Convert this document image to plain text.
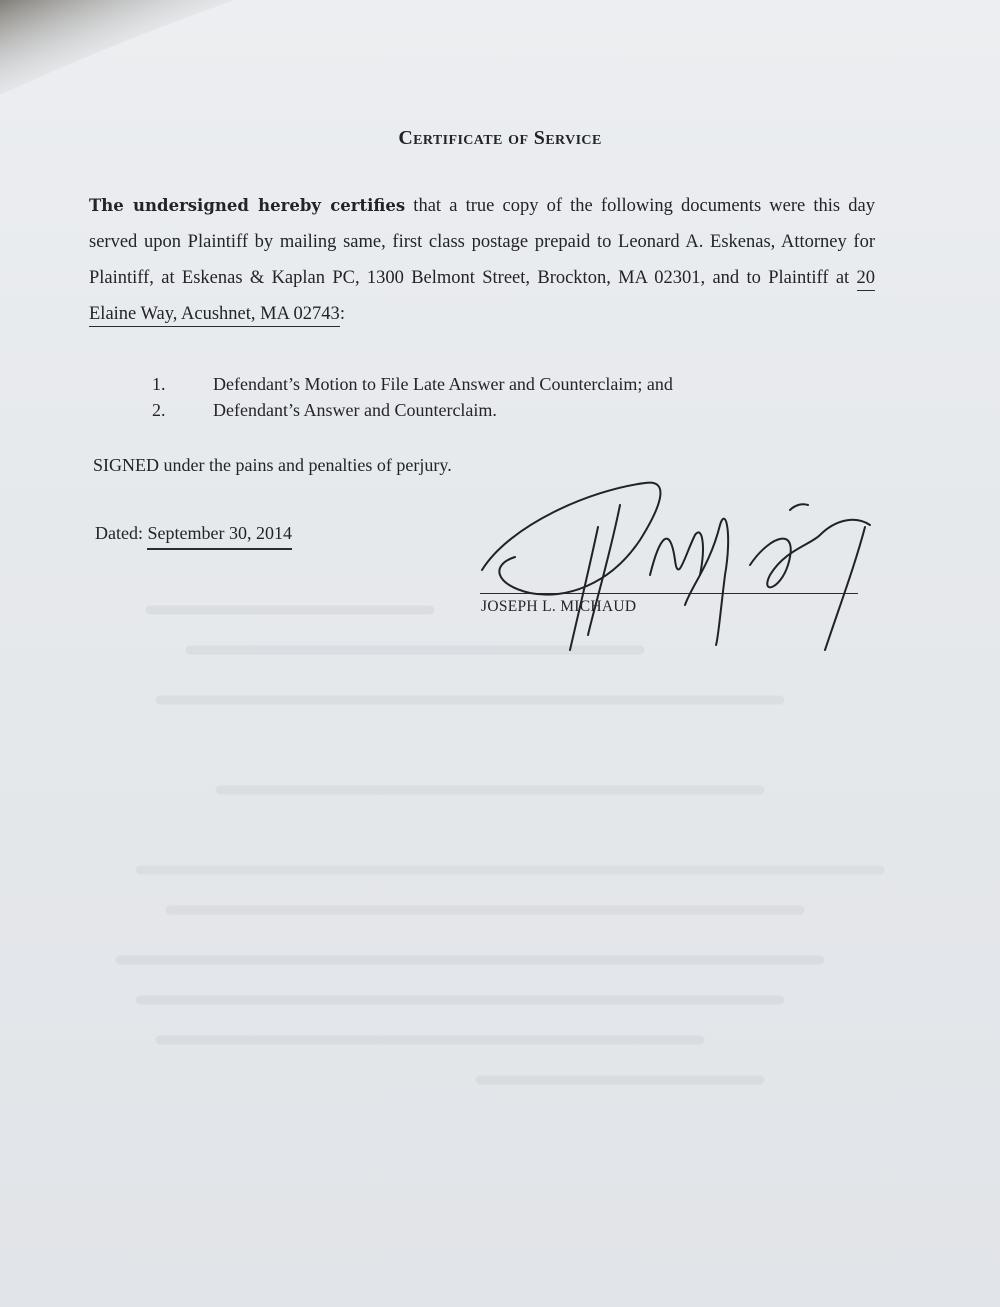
Certificate of Service
The undersigned hereby certifies that a true copy of the following documents were this day served upon Plaintiff by mailing same, first class postage prepaid to Leonard A. Eskenas, Attorney for Plaintiff, at Eskenas & Kaplan PC, 1300 Belmont Street, Brockton, MA 02301, and to Plaintiff at 20 Elaine Way, Acushnet, MA 02743:
1.	Defendant’s Motion to File Late Answer and Counterclaim; and
2.	Defendant’s Answer and Counterclaim.
SIGNED under the pains and penalties of perjury.
Dated: September 30, 2014
JOSEPH L. MICHAUD
